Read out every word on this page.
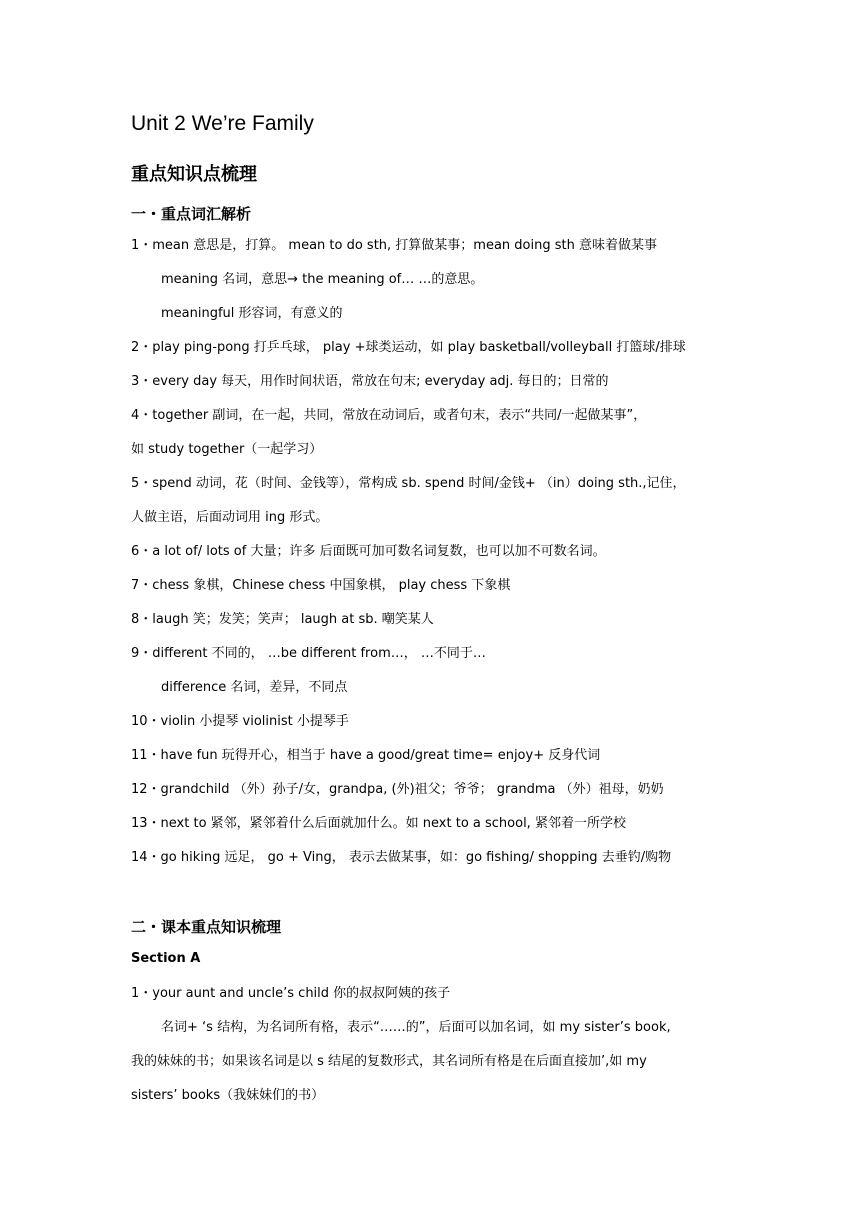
Unit 2 We’re Family
重点知识点梳理
一・重点词汇解析
1・mean 意思是，打算。 mean to do sth, 打算做某事；mean doing sth 意味着做某事
meaning 名词，意思→ the meaning of… …的意思。
meaningful 形容词，有意义的
2・play ping-pong 打乒乓球， play +球类运动，如 play basketball/volleyball 打篮球/排球
3・every day 每天，用作时间状语，常放在句末; everyday adj. 每日的；日常的
4・together 副词，在一起，共同，常放在动词后，或者句末，表示“共同/一起做某事”，
如 study together（一起学习）
5・spend 动词，花（时间、金钱等），常构成 sb. spend 时间/金钱+ （in）doing sth.,记住，
人做主语，后面动词用 ing 形式。
6・a lot of/ lots of 大量；许多 后面既可加可数名词复数，也可以加不可数名词。
7・chess 象棋，Chinese chess 中国象棋， play chess 下象棋
8・laugh 笑；发笑；笑声； laugh at sb. 嘲笑某人
9・different 不同的， …be different from…， …不同于…
difference 名词，差异，不同点
10・violin 小提琴 violinist 小提琴手
11・have fun 玩得开心，相当于 have a good/great time= enjoy+ 反身代词
12・grandchild （外）孙子/女，grandpa, (外)祖父；爷爷； grandma （外）祖母，奶奶
13・next to 紧邻，紧邻着什么后面就加什么。如 next to a school, 紧邻着一所学校
14・go hiking 远足， go + Ving， 表示去做某事，如：go fishing/ shopping 去垂钓/购物
二・课本重点知识梳理
Section A
1・your aunt and uncle’s child 你的叔叔阿姨的孩子
名词+ ‘s 结构，为名词所有格，表示“……的”，后面可以加名词，如 my sister’s book,
我的妹妹的书；如果该名词是以 s 结尾的复数形式，其名词所有格是在后面直接加’,如 my
sisters’ books（我妹妹们的书）
